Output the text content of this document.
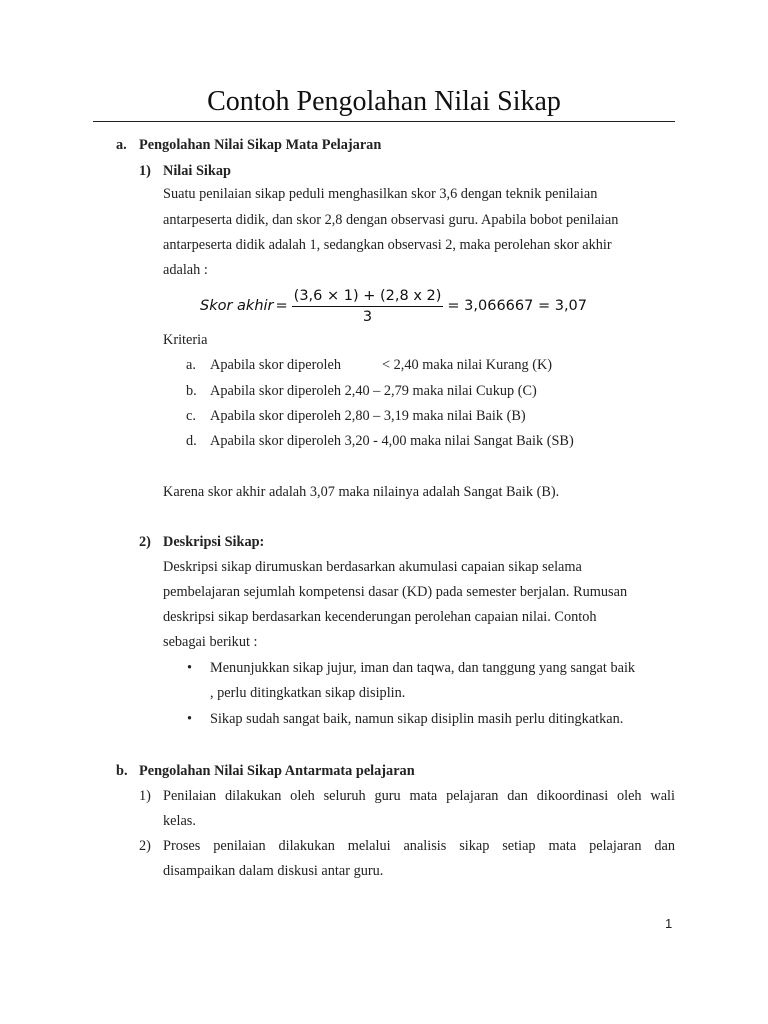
Contoh Pengolahan Nilai Sikap
a. Pengolahan Nilai Sikap Mata Pelajaran
1) Nilai Sikap
Suatu penilaian sikap peduli menghasilkan skor 3,6 dengan teknik penilaian
antarpeserta didik, dan skor 2,8 dengan observasi guru. Apabila bobot penilaian
antarpeserta didik adalah 1, sedangkan observasi 2, maka perolehan skor akhir
adalah :
Skor akhir = $\frac{(3,6 \times 1) + (2,8 x 2)}{3} = 3,066667 = 3,07$
Kriteria
a. Apabila skor diperoleh	< 2,40 maka nilai Kurang (K)
b. Apabila skor diperoleh 2,40 – 2,79 maka nilai Cukup (C)
c. Apabila skor diperoleh 2,80 – 3,19 maka nilai Baik (B)
d. Apabila skor diperoleh 3,20 - 4,00 maka nilai Sangat Baik (SB)
Karena skor akhir adalah 3,07 maka nilainya adalah Sangat Baik (B).
2) Deskripsi Sikap:
Deskripsi sikap dirumuskan berdasarkan akumulasi capaian sikap selama
pembelajaran sejumlah kompetensi dasar (KD) pada semester berjalan. Rumusan
deskripsi sikap berdasarkan kecenderungan perolehan capaian nilai. Contoh
sebagai berikut :
• Menunjukkan sikap jujur, iman dan taqwa, dan tanggung yang sangat baik
, perlu ditingkatkan sikap disiplin.
• Sikap sudah sangat baik, namun sikap disiplin masih perlu ditingkatkan.
b. Pengolahan Nilai Sikap Antarmata pelajaran
1) Penilaian dilakukan oleh seluruh guru mata pelajaran dan dikoordinasi oleh wali
kelas.
2) Proses penilaian dilakukan melalui analisis sikap setiap mata pelajaran dan
disampaikan dalam diskusi antar guru.
1
